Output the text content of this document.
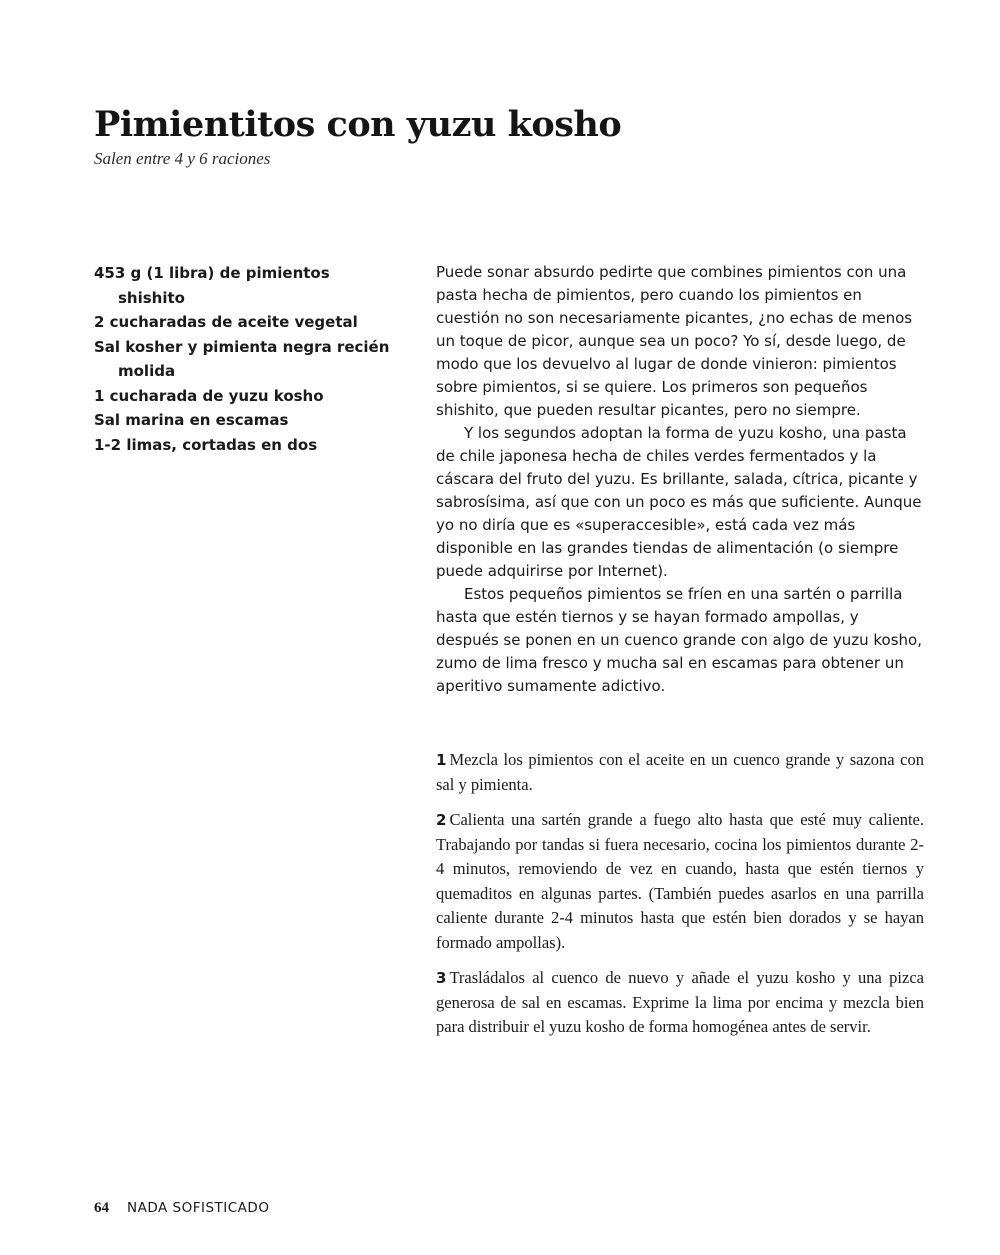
Pimientitos con yuzu kosho
Salen entre 4 y 6 raciones
453 g (1 libra) de pimientos shishito
2 cucharadas de aceite vegetal
Sal kosher y pimienta negra recién molida
1 cucharada de yuzu kosho
Sal marina en escamas
1-2 limas, cortadas en dos

Puede sonar absurdo pedirte que combines pimientos con una pasta hecha de pimientos, pero cuando los pimientos en cuestión no son necesariamente picantes, ¿no echas de menos un toque de picor, aunque sea un poco? Yo sí, desde luego, de modo que los devuelvo al lugar de donde vinieron: pimientos sobre pimientos, si se quiere. Los primeros son pequeños shishito, que pueden resultar picantes, pero no siempre.

Y los segundos adoptan la forma de yuzu kosho, una pasta de chile japonesa hecha de chiles verdes fermentados y la cáscara del fruto del yuzu. Es brillante, salada, cítrica, picante y sabrosísima, así que con un poco es más que suficiente. Aunque yo no diría que es «superaccesible», está cada vez más disponible en las grandes tiendas de alimentación (o siempre puede adquirirse por Internet).

Estos pequeños pimientos se fríen en una sartén o parrilla hasta que estén tiernos y se hayan formado ampollas, y después se ponen en un cuenco grande con algo de yuzu kosho, zumo de lima fresco y mucha sal en escamas para obtener un aperitivo sumamente adictivo.

1 Mezcla los pimientos con el aceite en un cuenco grande y sazona con sal y pimienta.

2 Calienta una sartén grande a fuego alto hasta que esté muy caliente. Trabajando por tandas si fuera necesario, cocina los pimientos durante 2-4 minutos, removiendo de vez en cuando, hasta que estén tiernos y quemaditos en algunas partes. (También puedes asarlos en una parrilla caliente durante 2-4 minutos hasta que estén bien dorados y se hayan formado ampollas).

3 Trasládalos al cuenco de nuevo y añade el yuzu kosho y una pizca generosa de sal en escamas. Exprime la lima por encima y mezcla bien para distribuir el yuzu kosho de forma homogénea antes de servir.

64 NADA SOFISTICADO
